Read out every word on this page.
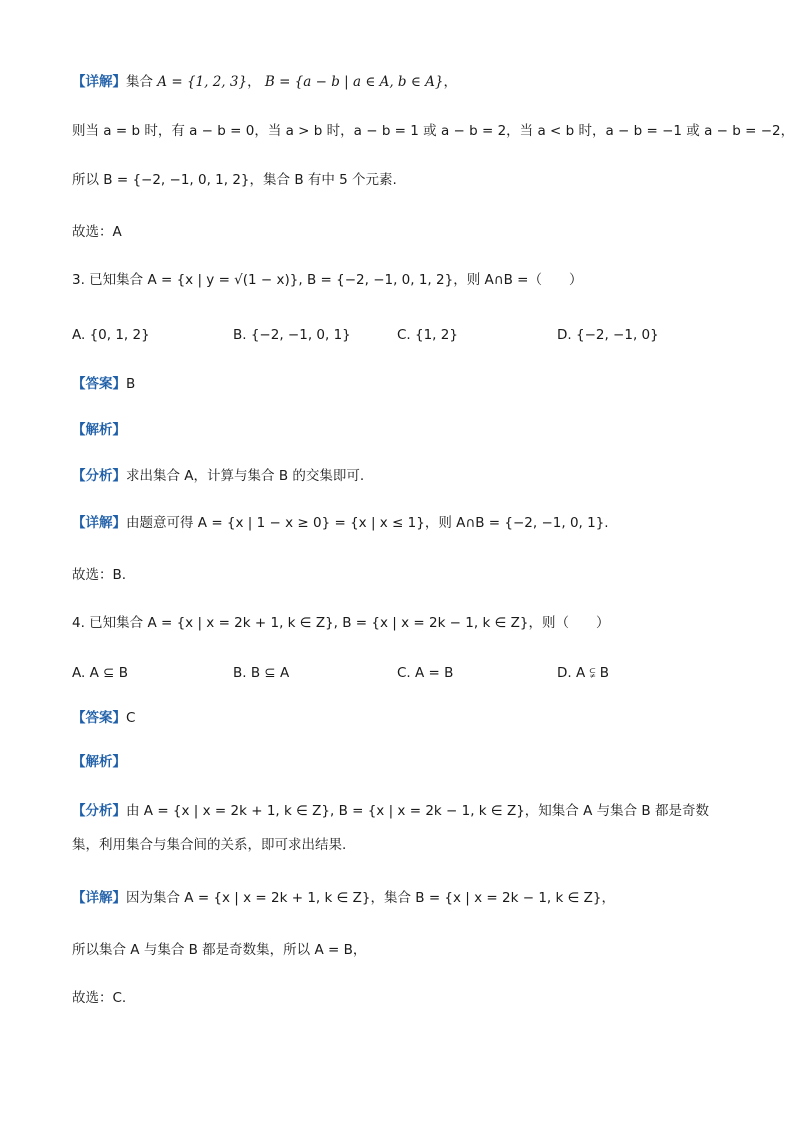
【详解】集合 A = {1, 2, 3}， B = {a − b | a ∈ A, b ∈ A}，
则当 a = b 时，有 a − b = 0，当 a > b 时，a − b = 1 或 a − b = 2，当 a < b 时，a − b = −1 或 a − b = −2，
所以 B = {−2, −1, 0, 1, 2}，集合 B 有中 5 个元素.
故选：A
3. 已知集合 A = {x | y = √(1 − x)}, B = {−2, −1, 0, 1, 2}，则 A∩B =（　　）
A. {0, 1, 2}	B. {−2, −1, 0, 1}	C. {1, 2}	D. {−2, −1, 0}
【答案】B
【解析】
【分析】求出集合 A，计算与集合 B 的交集即可.
【详解】由题意可得 A = {x | 1 − x ≥ 0} = {x | x ≤ 1}，则 A∩B = {−2, −1, 0, 1}.
故选：B.
4. 已知集合 A = {x | x = 2k + 1, k ∈ Z}, B = {x | x = 2k − 1, k ∈ Z}，则（　　）
A. A ⊆ B	B. B ⊆ A	C. A = B	D. A ⫋ B
【答案】C
【解析】
【分析】由 A = {x | x = 2k + 1, k ∈ Z}, B = {x | x = 2k − 1, k ∈ Z}，知集合 A 与集合 B 都是奇数集，利用集合与集合间的关系，即可求出结果.
【详解】因为集合 A = {x | x = 2k + 1, k ∈ Z}，集合 B = {x | x = 2k − 1, k ∈ Z}，
所以集合 A 与集合 B 都是奇数集，所以 A = B，
故选：C.
